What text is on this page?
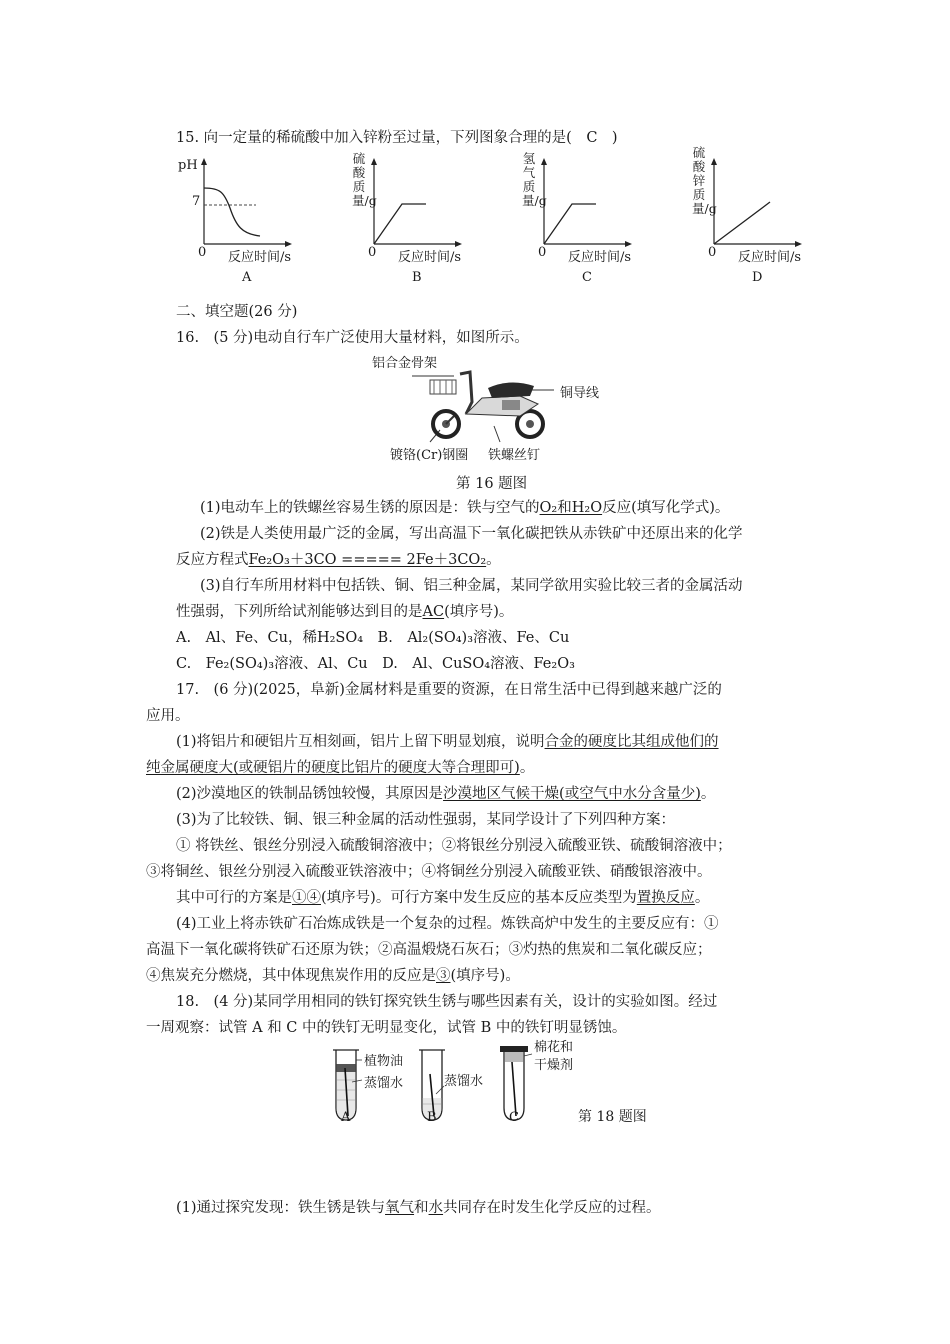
15. 向一定量的稀硫酸中加入锌粉至过量，下列图象合理的是(　C　)
pH
7
0 反应时间/s
A
硫酸质量/g
0 反应时间/s
B
氢气质量/g
0 反应时间/s
C
硫酸锌质量/g
0 反应时间/s
D
二、填空题(26 分)
16.　(5 分)电动自行车广泛使用大量材料，如图所示。
铝合金骨架
铜导线
镀铬(Cr)钢圈 铁螺丝钉
第 16 题图
(1)电动车上的铁螺丝容易生锈的原因是：铁与空气的O₂和H₂O反应(填写化学式)。
(2)铁是人类使用最广泛的金属，写出高温下一氧化碳把铁从赤铁矿中还原出来的化学
反应方程式Fe₂O₃＋3CO ===== 2Fe＋3CO₂。
(3)自行车所用材料中包括铁、铜、铝三种金属，某同学欲用实验比较三者的金属活动
性强弱，下列所给试剂能够达到目的是AC(填序号)。
A.　Al、Fe、Cu，稀H₂SO₄　B.　Al₂(SO₄)₃溶液、Fe、Cu
C.　Fe₂(SO₄)₃溶液、Al、Cu　D.　Al、CuSO₄溶液、Fe₂O₃
17.　(6 分)(2025，阜新)金属材料是重要的资源，在日常生活中已得到越来越广泛的
应用。
(1)将铝片和硬铝片互相刻画，铝片上留下明显划痕，说明合金的硬度比其组成他们的
纯金属硬度大(或硬铝片的硬度比铝片的硬度大等合理即可)。
(2)沙漠地区的铁制品锈蚀较慢，其原因是沙漠地区气候干燥(或空气中水分含量少)。
(3)为了比较铁、铜、银三种金属的活动性强弱，某同学设计了下列四种方案：
① 将铁丝、银丝分别浸入硫酸铜溶液中；②将银丝分别浸入硫酸亚铁、硫酸铜溶液中；
③将铜丝、银丝分别浸入硫酸亚铁溶液中；④将铜丝分别浸入硫酸亚铁、硝酸银溶液中。
其中可行的方案是①④(填序号)。可行方案中发生反应的基本反应类型为置换反应。
(4)工业上将赤铁矿石冶炼成铁是一个复杂的过程。炼铁高炉中发生的主要反应有：①
高温下一氧化碳将铁矿石还原为铁；②高温煅烧石灰石；③灼热的焦炭和二氧化碳反应；
④焦炭充分燃烧，其中体现焦炭作用的反应是③(填序号)。
18.　(4 分)某同学用相同的铁钉探究铁生锈与哪些因素有关，设计的实验如图。经过
一周观察：试管 A 和 C 中的铁钉无明显变化，试管 B 中的铁钉明显锈蚀。
植物油
蒸馏水	蒸馏水
棉花和
干燥剂
A	B	C	第 18 题图
(1)通过探究发现：铁生锈是铁与氧气和水共同存在时发生化学反应的过程。
